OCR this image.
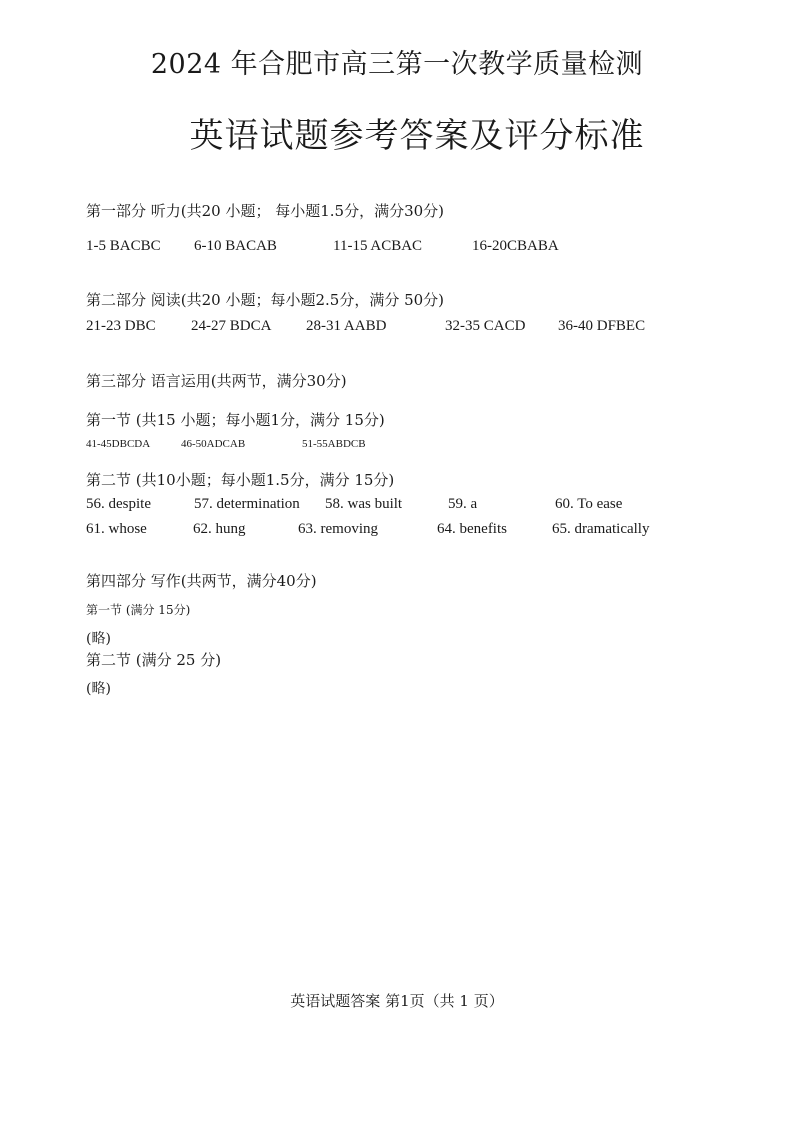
2024 年合肥市高三第一次教学质量检测
英语试题参考答案及评分标准
第一部分 听力(共20 小题； 每小题1.5分，满分30分)
1-5 BACBC 6-10 BACAB	11-15 ACBAC	16-20CBABA
第二部分 阅读(共20 小题；每小题2.5分，满分 50分)
21-23 DBC 24-27 BDCA 28-31 AABD	32-35 CACD 36-40 DFBEC
第三部分 语言运用(共两节，满分30分)
第一节 (共15 小题；每小题1分，满分 15分)
41-45DBCDA	46-50ADCAB	51-55ABDCB
第二节 (共10小题；每小题1.5分，满分 15分)
56. despite	57. determination 58. was built	59. a	60. To ease
61. whose	62. hung	63. removing	64. benefits	65. dramatically
第四部分 写作(共两节，满分40分)
第一节 (满分 15分)
(略)
第二节 (满分 25 分)
(略)
英语试题答案 第1页（共 1 页）
